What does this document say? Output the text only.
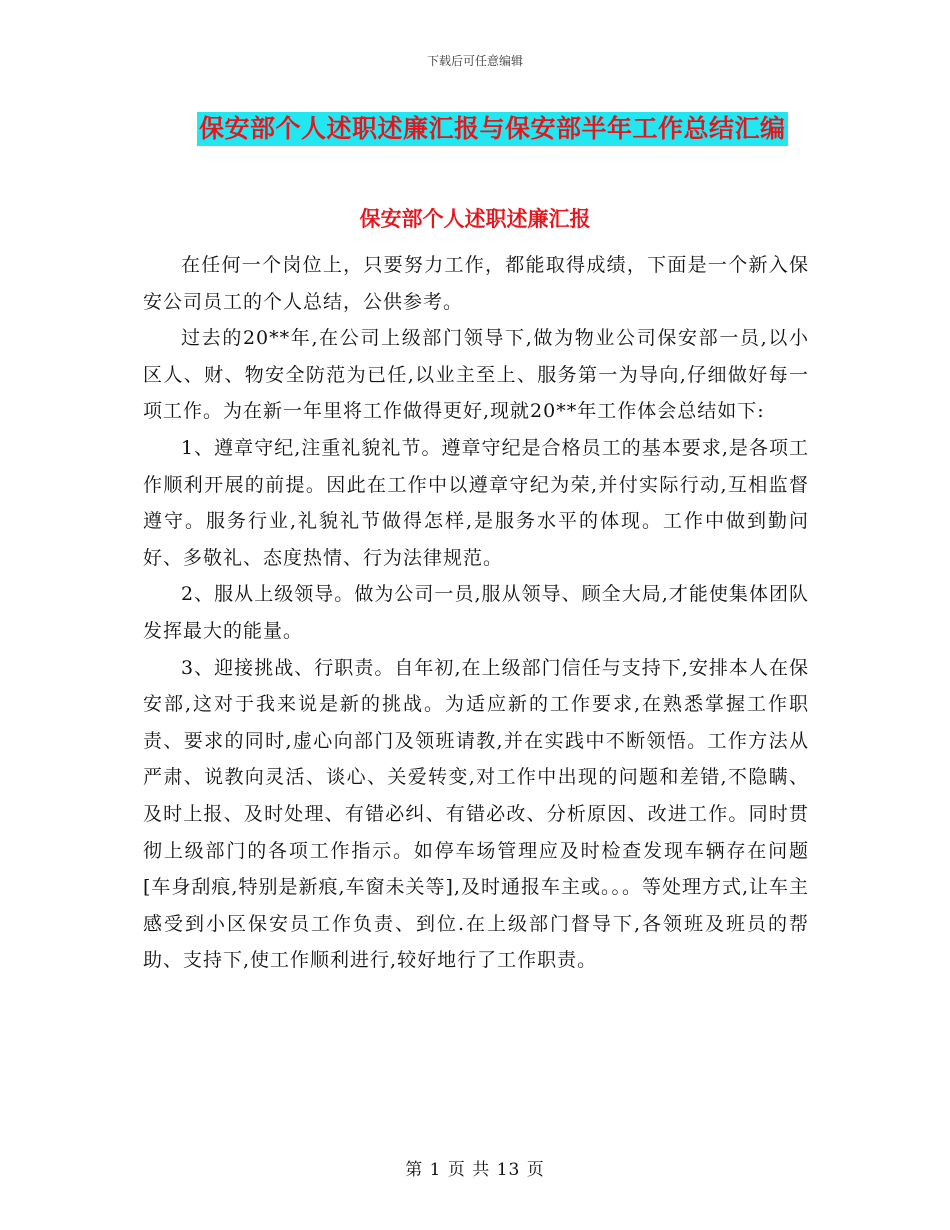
下载后可任意编辑
保安部个人述职述廉汇报与保安部半年工作总结汇编
保安部个人述职述廉汇报

在任何一个岗位上，只要努力工作，都能取得成绩，下面是一个新入保安公司员工的个人总结，公供参考。

过去的20**年,在公司上级部门领导下,做为物业公司保安部一员,以小区人、财、物安全防范为已任,以业主至上、服务第一为导向,仔细做好每一项工作。为在新一年里将工作做得更好,现就20**年工作体会总结如下:

1、遵章守纪,注重礼貌礼节。遵章守纪是合格员工的基本要求,是各项工作顺利开展的前提。因此在工作中以遵章守纪为荣,并付实际行动,互相监督遵守。服务行业,礼貌礼节做得怎样,是服务水平的体现。工作中做到勤问好、多敬礼、态度热情、行为法律规范。

2、服从上级领导。做为公司一员,服从领导、顾全大局,才能使集体团队发挥最大的能量。

3、迎接挑战、行职责。自年初,在上级部门信任与支持下,安排本人在保安部,这对于我来说是新的挑战。为适应新的工作要求,在熟悉掌握工作职责、要求的同时,虚心向部门及领班请教,并在实践中不断领悟。工作方法从严肃、说教向灵活、谈心、关爱转变,对工作中出现的问题和差错,不隐瞒、及时上报、及时处理、有错必纠、有错必改、分析原因、改进工作。同时贯彻上级部门的各项工作指示。如停车场管理应及时检查发现车辆存在问题[车身刮痕,特别是新痕,车窗未关等],及时通报车主或。。。等处理方式,让车主感受到小区保安员工作负责、到位.在上级部门督导下,各领班及班员的帮助、支持下,使工作顺利进行,较好地行了工作职责。

第 1 页 共 13 页
